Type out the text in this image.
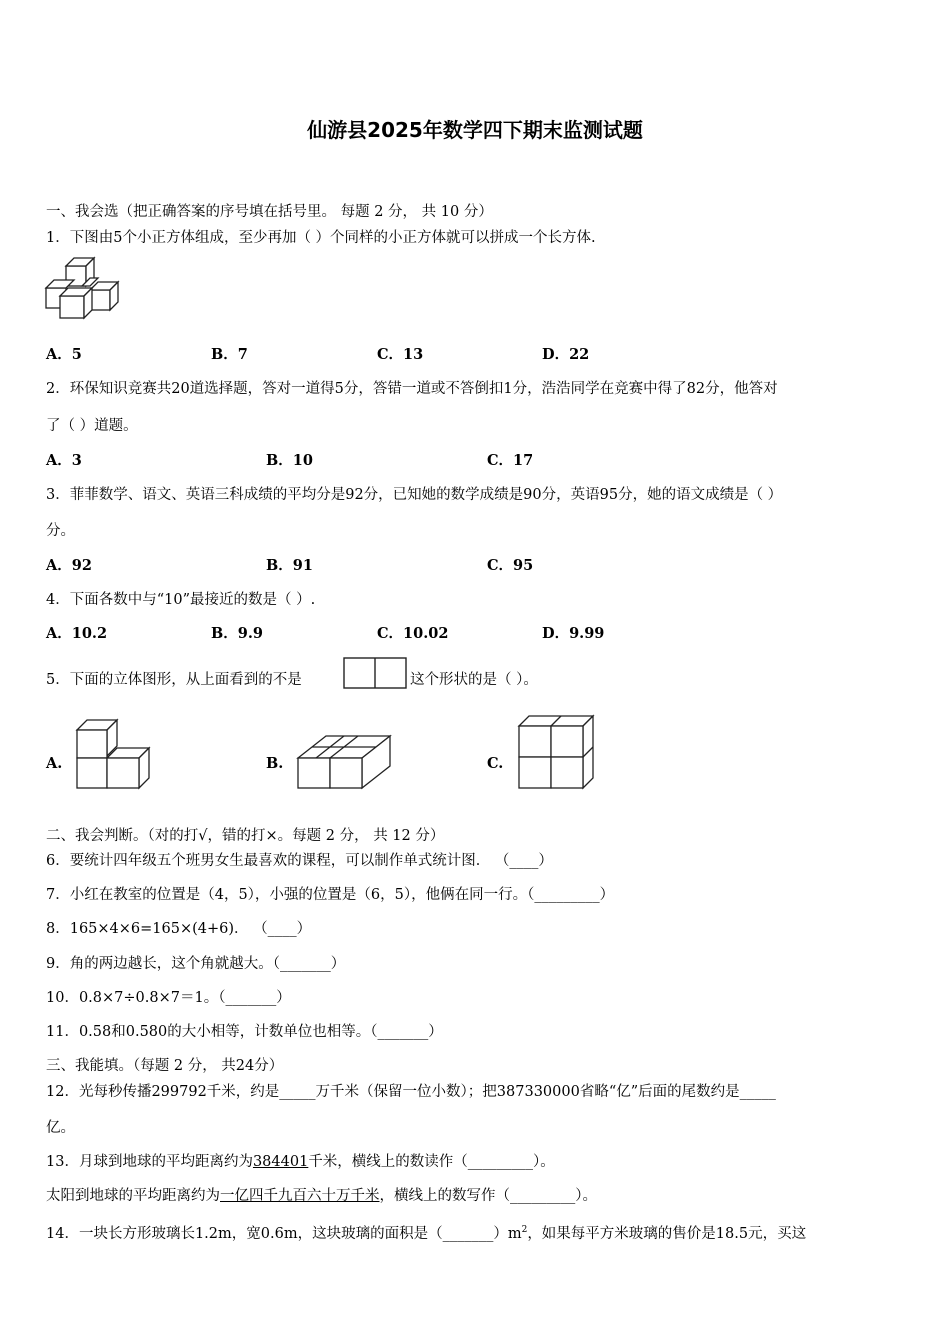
仙游县2025年数学四下期末监测试题
一、我会选（把正确答案的序号填在括号里。 每题 2 分， 共 10 分）
1．下图由5个小正方体组成，至少再加（ ）个同样的小正方体就可以拼成一个长方体.
A．5	B．7	C．13	D．22
2．环保知识竞赛共20道选择题，答对一道得5分，答错一道或不答倒扣1分，浩浩同学在竞赛中得了82分，他答对
了（ ）道题。
A．3	B．10	C．17
3．菲菲数学、语文、英语三科成绩的平均分是92分，已知她的数学成绩是90分，英语95分，她的语文成绩是（ ）
分。
A．92	B．91	C．95
4．下面各数中与“10”最接近的数是（ ）.
A．10.2	B．9.9	C．10.02	D．9.99
5．下面的立体图形，从上面看到的不是	这个形状的是（ ）。
A.	B.	C.
二、我会判断。（对的打√，错的打×。每题 2 分， 共 12 分）
6．要统计四年级五个班男女生最喜欢的课程，可以制作单式统计图． （____）
7．小红在教室的位置是（4，5），小强的位置是（6，5），他俩在同一行。（_________）
8．165×4×6=165×(4+6)． （____）
9．角的两边越长，这个角就越大。（_______）
10．0.8×7÷0.8×7＝1。（_______）
11．0.58和0.580的大小相等，计数单位也相等。（_______）
三、我能填。（每题 2 分， 共24分）
12．光每秒传播299792千米，约是_____万千米（保留一位小数）；把387330000省略“亿”后面的尾数约是_____
亿。
13．月球到地球的平均距离约为384401千米，横线上的数读作（_________）。
太阳到地球的平均距离约为一亿四千九百六十万千米，横线上的数写作（_________）。
14．一块长方形玻璃长1.2m，宽0.6m，这块玻璃的面积是$(\_\_\_\_\_\_\_)m^2$，如果每平方米玻璃的售价是18.5元，买这
